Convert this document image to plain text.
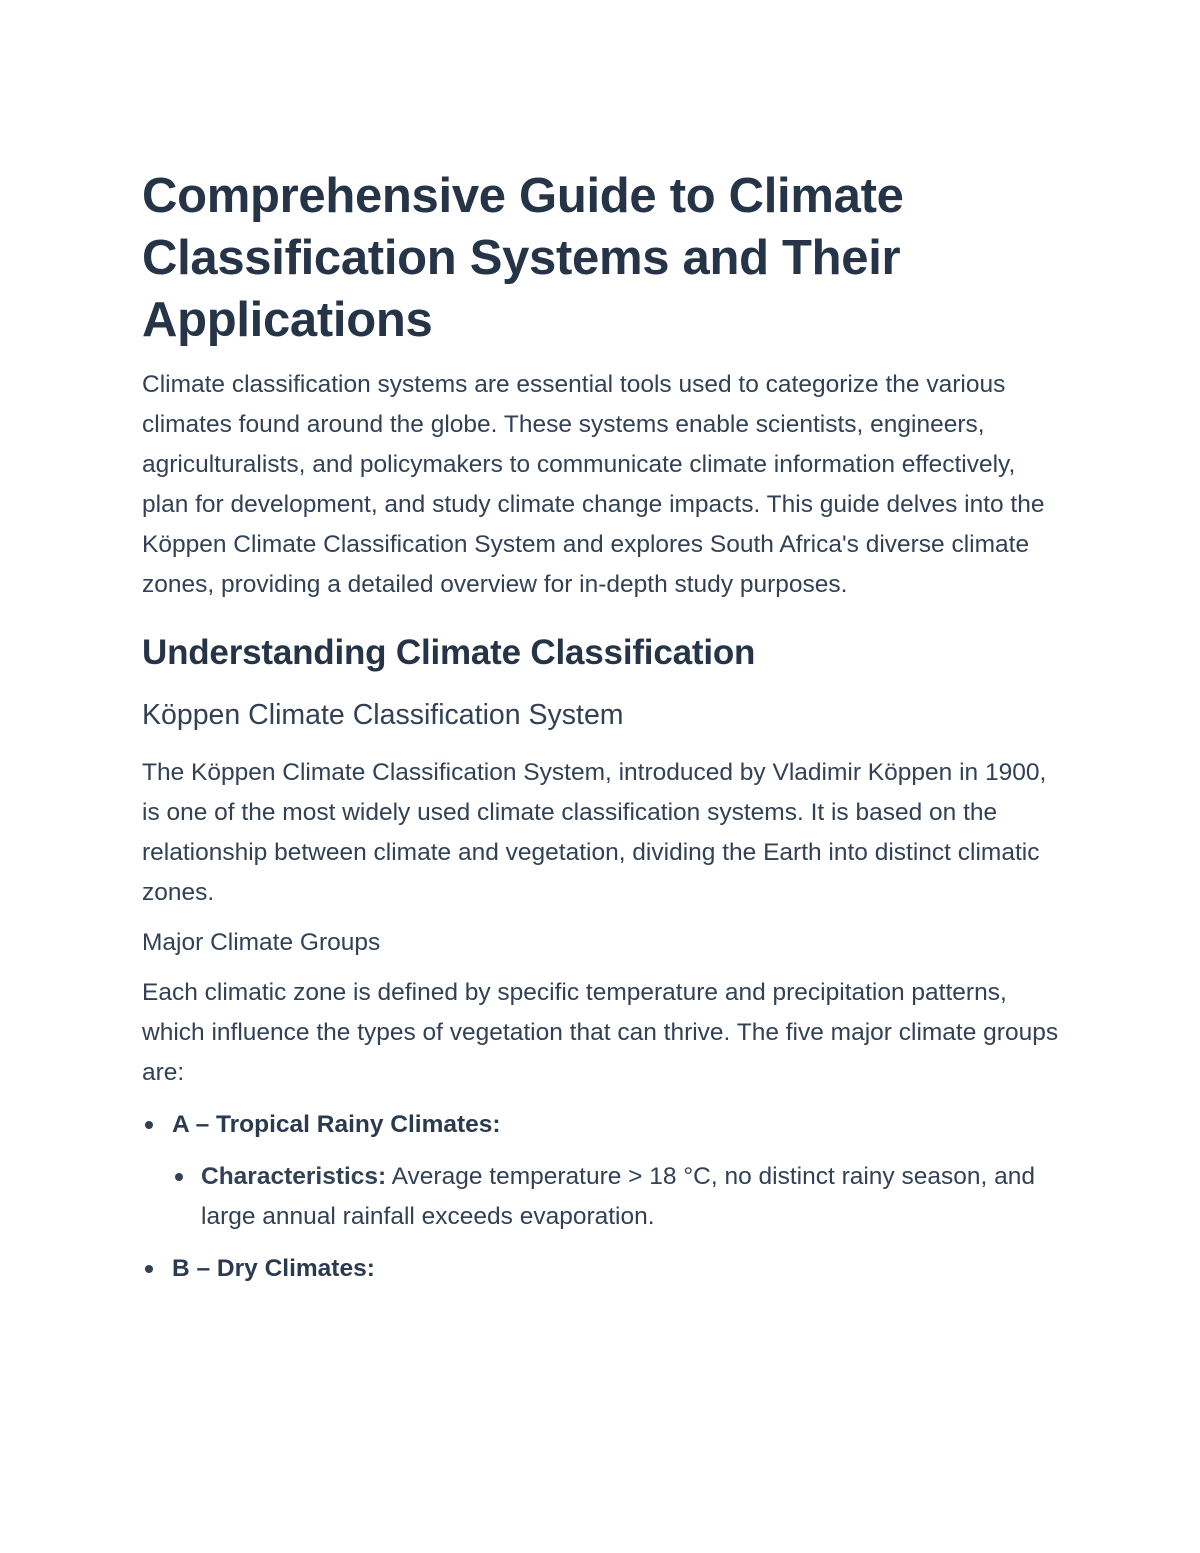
Comprehensive Guide to Climate Classification Systems and Their Applications

Climate classification systems are essential tools used to categorize the various climates found around the globe. These systems enable scientists, engineers, agriculturalists, and policymakers to communicate climate information effectively, plan for development, and study climate change impacts. This guide delves into the Köppen Climate Classification System and explores South Africa's diverse climate zones, providing a detailed overview for in-depth study purposes.

Understanding Climate Classification
Köppen Climate Classification System

The Köppen Climate Classification System, introduced by Vladimir Köppen in 1900, is one of the most widely used climate classification systems. It is based on the relationship between climate and vegetation, dividing the Earth into distinct climatic zones.

Major Climate Groups

Each climatic zone is defined by specific temperature and precipitation patterns, which influence the types of vegetation that can thrive. The five major climate groups are:

A – Tropical Rainy Climates:
Characteristics: Average temperature > 18 °C, no distinct rainy season, and large annual rainfall exceeds evaporation.
B – Dry Climates:
